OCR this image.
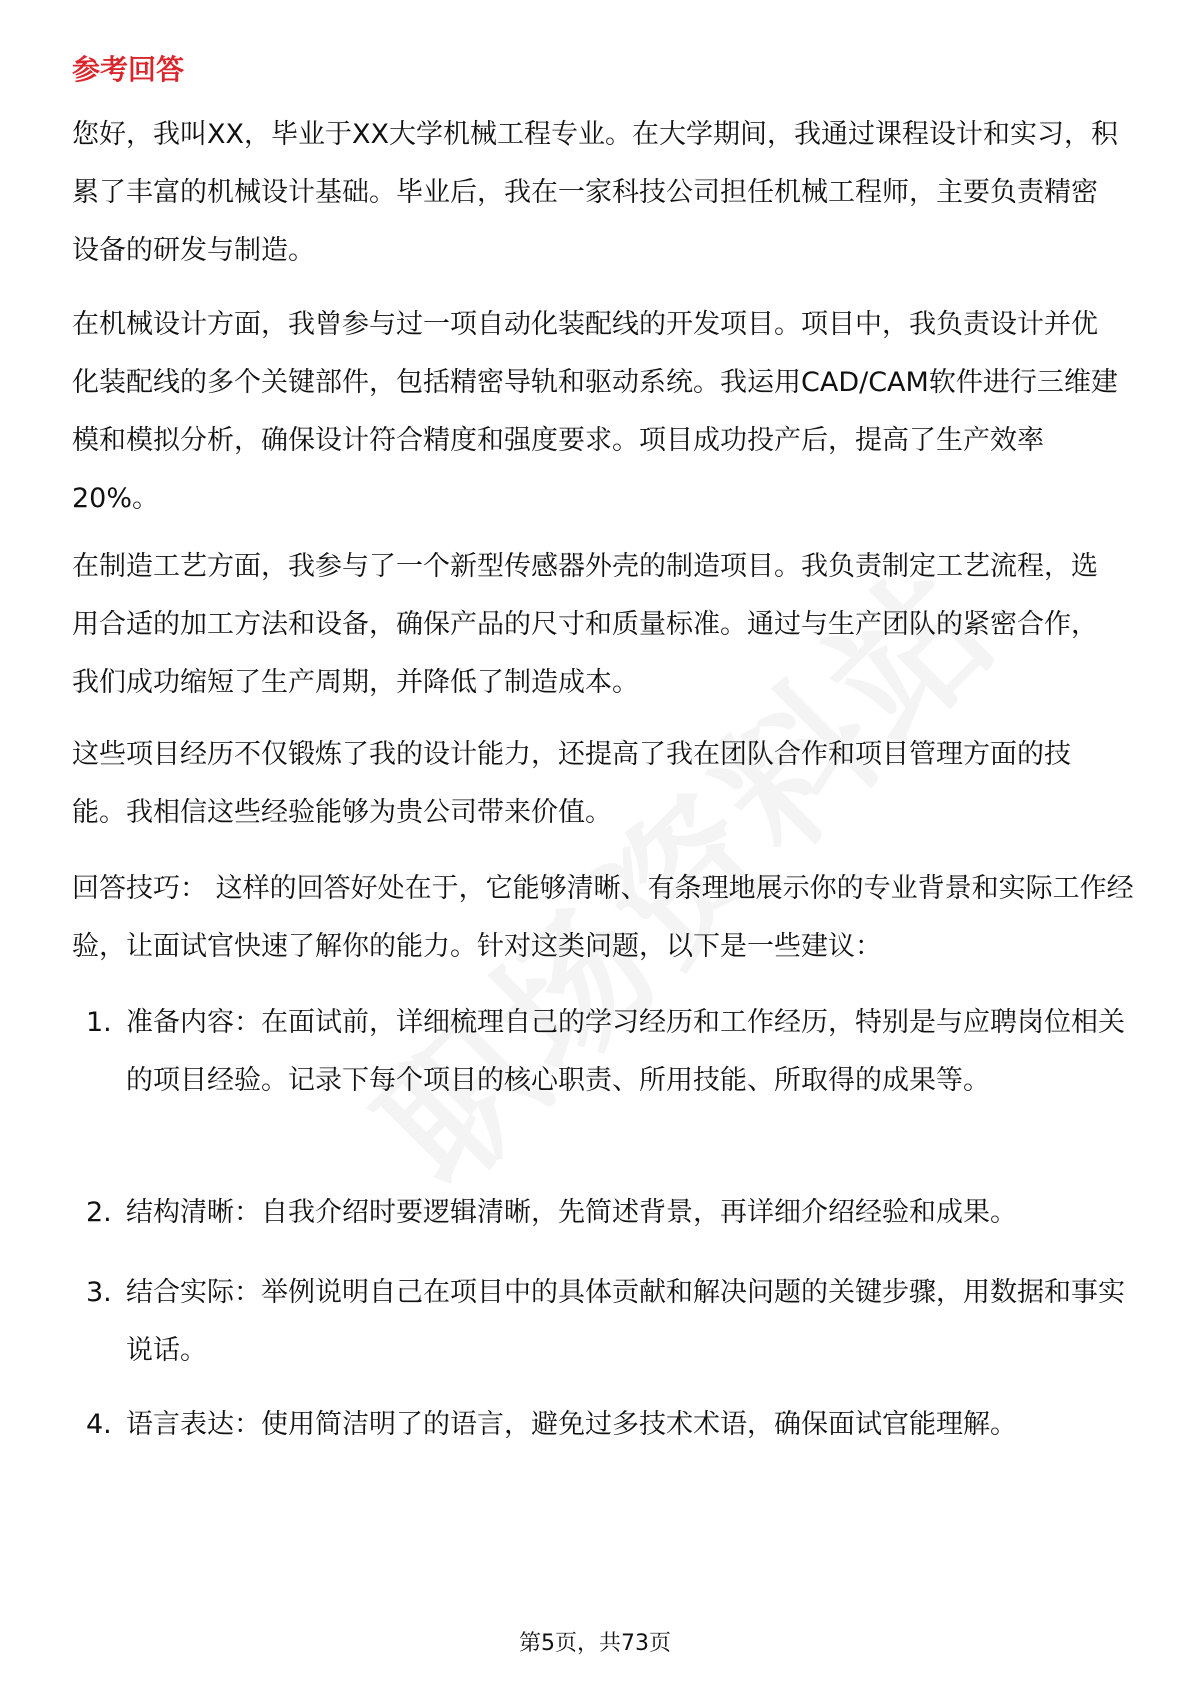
参考回答

您好，我叫XX，毕业于XX大学机械工程专业。在大学期间，我通过课程设计和实习，积累了丰富的机械设计基础。毕业后，我在一家科技公司担任机械工程师，主要负责精密设备的研发与制造。

在机械设计方面，我曾参与过一项自动化装配线的开发项目。项目中，我负责设计并优化装配线的多个关键部件，包括精密导轨和驱动系统。我运用CAD/CAM软件进行三维建模和模拟分析，确保设计符合精度和强度要求。项目成功投产后，提高了生产效率20%。

在制造工艺方面，我参与了一个新型传感器外壳的制造项目。我负责制定工艺流程，选用合适的加工方法和设备，确保产品的尺寸和质量标准。通过与生产团队的紧密合作，我们成功缩短了生产周期，并降低了制造成本。

这些项目经历不仅锻炼了我的设计能力，还提高了我在团队合作和项目管理方面的技能。我相信这些经验能够为贵公司带来价值。

回答技巧： 这样的回答好处在于，它能够清晰、有条理地展示你的专业背景和实际工作经验，让面试官快速了解你的能力。针对这类问题，以下是一些建议：

1. 准备内容：在面试前，详细梳理自己的学习经历和工作经历，特别是与应聘岗位相关的项目经验。记录下每个项目的核心职责、所用技能、所取得的成果等。
2. 结构清晰：自我介绍时要逻辑清晰，先简述背景，再详细介绍经验和成果。
3. 结合实际：举例说明自己在项目中的具体贡献和解决问题的关键步骤，用数据和事实说话。
4. 语言表达：使用简洁明了的语言，避免过多技术术语，确保面试官能理解。
第5页，共73页
